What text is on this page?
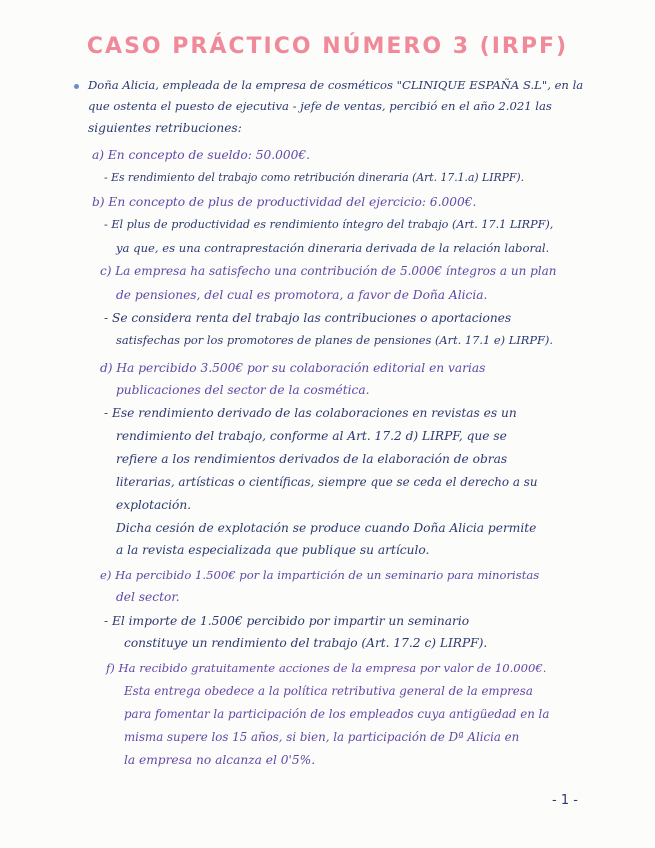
CASO PRÁCTICO NÚMERO 3 (IRPF)
Doña Alicia, empleada de la empresa de cosméticos "CLINIQUE ESPAÑA S.L", en la
que ostenta el puesto de ejecutiva - jefe de ventas, percibió en el año 2.021 las
siguientes retribuciones:
a) En concepto de sueldo: 50.000€.
- Es rendimiento del trabajo como retribución dineraria (Art. 17.1.a) LIRPF).
b) En concepto de plus de productividad del ejercicio: 6.000€.
- El plus de productividad es rendimiento íntegro del trabajo (Art. 17.1 LIRPF),
ya que, es una contraprestación dineraria derivada de la relación laboral.
c) La empresa ha satisfecho una contribución de 5.000€ íntegros a un plan
de pensiones, del cual es promotora, a favor de Doña Alicia.
- Se considera renta del trabajo las contribuciones o aportaciones
satisfechas por los promotores de planes de pensiones (Art. 17.1 e) LIRPF).
d) Ha percibido 3.500€ por su colaboración editorial en varias
publicaciones del sector de la cosmética.
- Ese rendimiento derivado de las colaboraciones en revistas es un
rendimiento del trabajo, conforme al Art. 17.2 d) LIRPF, que se
refiere a los rendimientos derivados de la elaboración de obras
literarias, artísticas o científicas, siempre que se ceda el derecho a su
explotación.
Dicha cesión de explotación se produce cuando Doña Alicia permite
a la revista especializada que publique su artículo.
e) Ha percibido 1.500€ por la impartición de un seminario para minoristas
del sector.
- El importe de 1.500€ percibido por impartir un seminario
constituye un rendimiento del trabajo (Art. 17.2 c) LIRPF).
f) Ha recibido gratuitamente acciones de la empresa por valor de 10.000€.
Esta entrega obedece a la política retributiva general de la empresa
para fomentar la participación de los empleados cuya antigüedad en la
misma supere los 15 años, si bien, la participación de Dª Alicia en
la empresa no alcanza el 0'5%.
- 1 -
